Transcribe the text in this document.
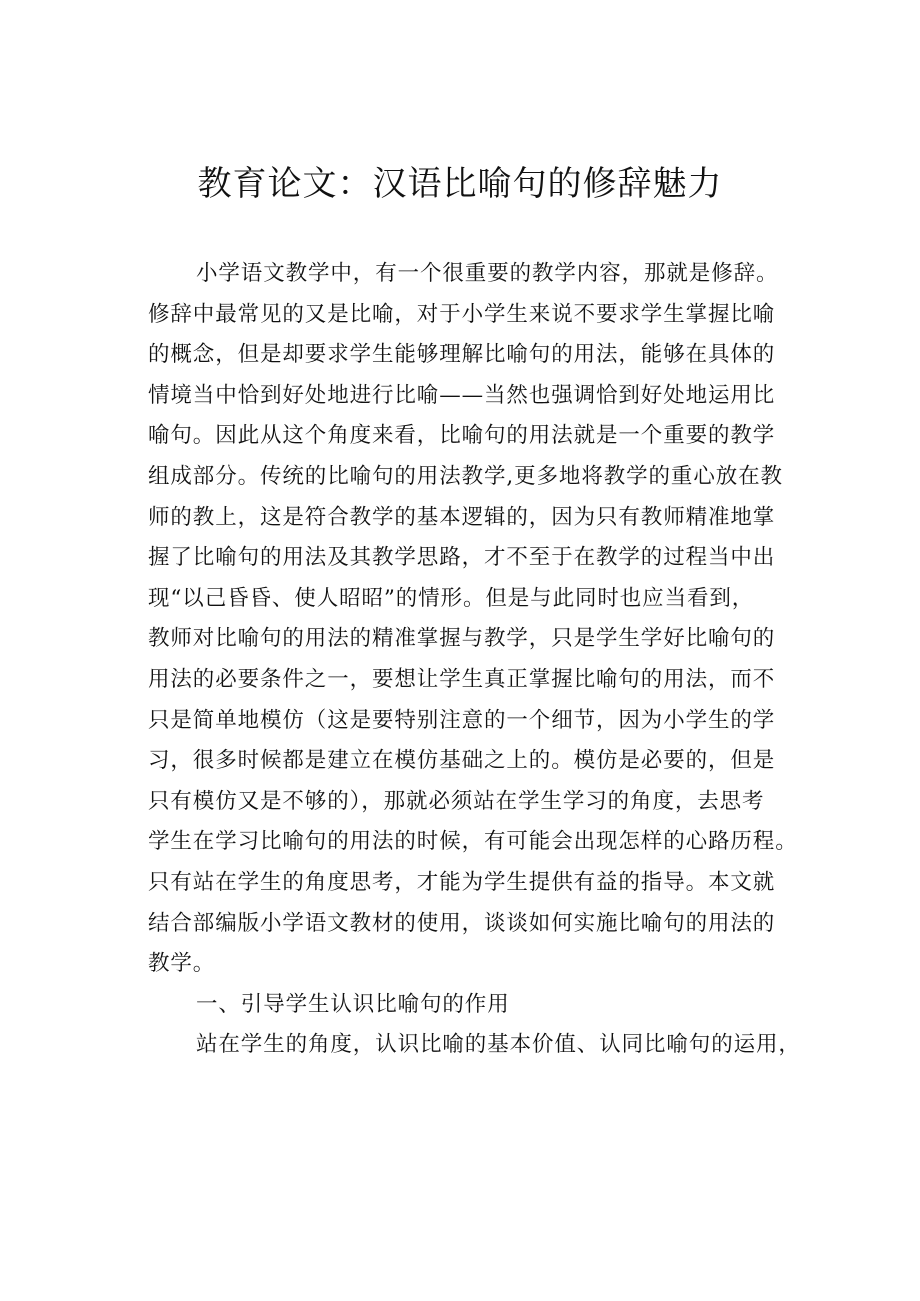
教育论文：汉语比喻句的修辞魅力

小学语文教学中，有一个很重要的教学内容，那就是修辞。

修辞中最常见的又是比喻，对于小学生来说不要求学生掌握比喻

的概念，但是却要求学生能够理解比喻句的用法，能够在具体的

情境当中恰到好处地进行比喻——当然也强调恰到好处地运用比

喻句。因此从这个角度来看，比喻句的用法就是一个重要的教学

组成部分。传统的比喻句的用法教学,更多地将教学的重心放在教

师的教上，这是符合教学的基本逻辑的，因为只有教师精准地掌

握了比喻句的用法及其教学思路，才不至于在教学的过程当中出

现“以己昏昏、使人昭昭”的情形。但是与此同时也应当看到，

教师对比喻句的用法的精准掌握与教学，只是学生学好比喻句的

用法的必要条件之一，要想让学生真正掌握比喻句的用法，而不

只是简单地模仿（这是要特别注意的一个细节，因为小学生的学

习，很多时候都是建立在模仿基础之上的。模仿是必要的，但是

只有模仿又是不够的），那就必须站在学生学习的角度，去思考

学生在学习比喻句的用法的时候，有可能会出现怎样的心路历程。

只有站在学生的角度思考，才能为学生提供有益的指导。本文就

结合部编版小学语文教材的使用，谈谈如何实施比喻句的用法的

教学。

一、引导学生认识比喻句的作用

站在学生的角度，认识比喻的基本价值、认同比喻句的运用，
